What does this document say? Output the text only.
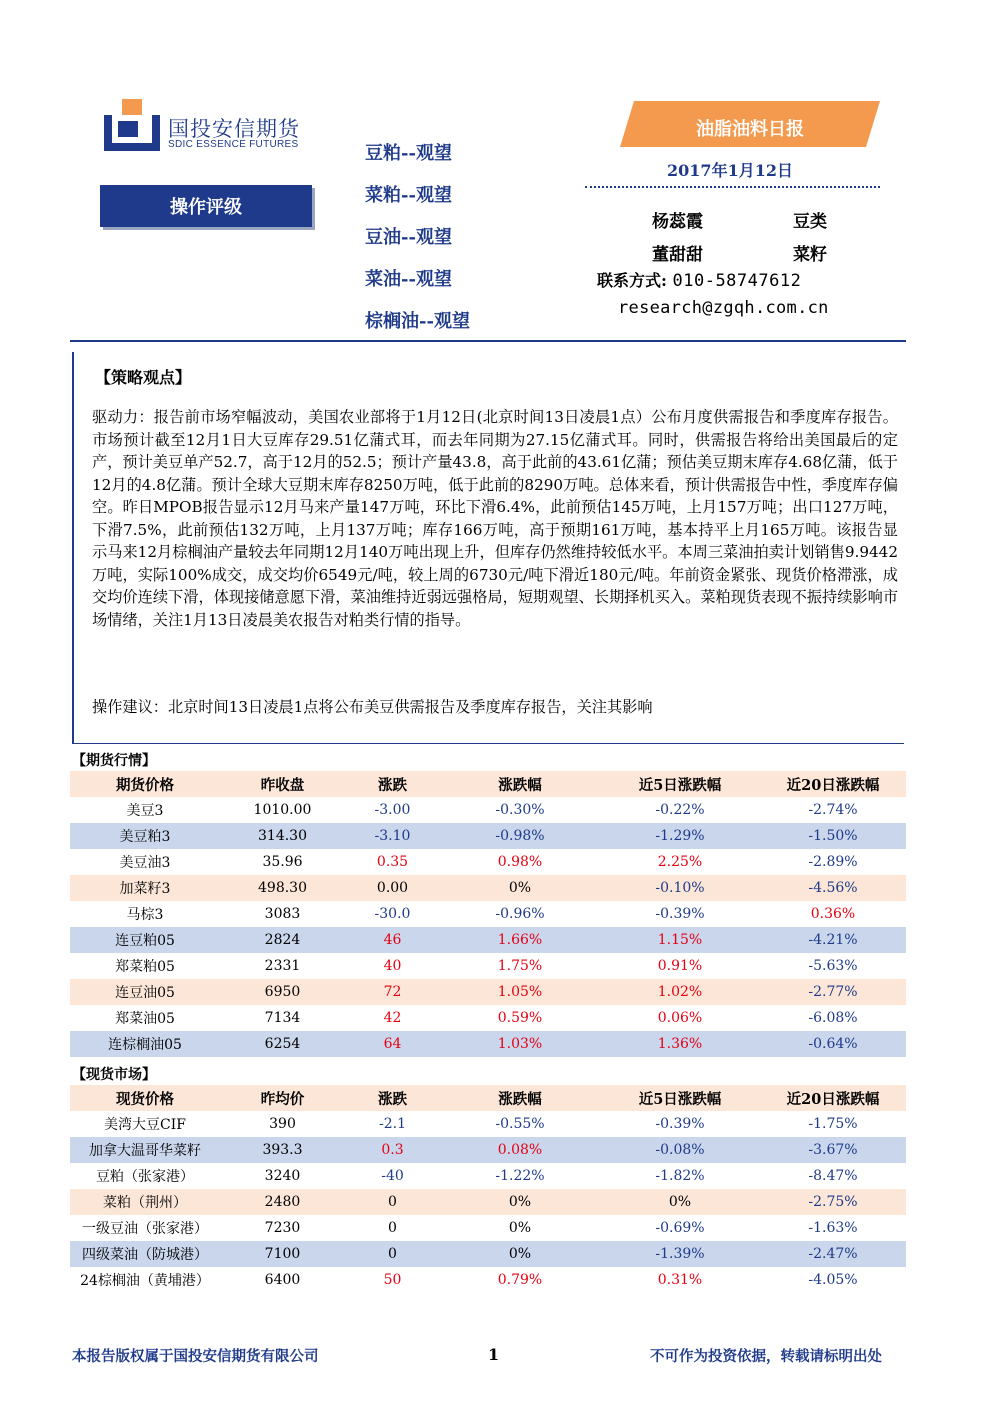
国投安信期货
SDIC ESSENCE FUTURES
操作评级
豆粕--观望
菜粕--观望
豆油--观望
菜油--观望
棕榈油--观望
油脂油料日报
2017年1月12日
杨蕊霞	豆类
董甜甜	菜籽
联系方式: 010-58747612
research@zgqh.com.cn
【策略观点】
驱动力：报告前市场窄幅波动，美国农业部将于1月12日(北京时间13日凌晨1点）公布月度供需报告和季度库存报告。市场预计截至12月1日大豆库存29.51亿蒲式耳，而去年同期为27.15亿蒲式耳。同时，供需报告将给出美国最后的定产，预计美豆单产52.7，高于12月的52.5；预计产量43.8，高于此前的43.61亿蒲；预估美豆期末库存4.68亿蒲，低于12月的4.8亿蒲。预计全球大豆期末库存8250万吨，低于此前的8290万吨。总体来看，预计供需报告中性，季度库存偏空。昨日MPOB报告显示12月马来产量147万吨，环比下滑6.4%，此前预估145万吨，上月157万吨；出口127万吨，下滑7.5%，此前预估132万吨，上月137万吨；库存166万吨，高于预期161万吨，基本持平上月165万吨。该报告显示马来12月棕榈油产量较去年同期12月140万吨出现上升，但库存仍然维持较低水平。本周三菜油拍卖计划销售9.9442万吨，实际100%成交，成交均价6549元/吨，较上周的6730元/吨下滑近180元/吨。年前资金紧张、现货价格滞涨，成交均价连续下滑，体现接储意愿下滑，菜油维持近弱远强格局，短期观望、长期择机买入。菜粕现货表现不振持续影响市场情绪，关注1月13日凌晨美农报告对粕类行情的指导。
操作建议：北京时间13日凌晨1点将公布美豆供需报告及季度库存报告，关注其影响
【期货行情】
期货价格	昨收盘	涨跌	涨跌幅	近5日涨跌幅	近20日涨跌幅
美豆3	1010.00	-3.00	-0.30%	-0.22%	-2.74%
美豆粕3	314.30	-3.10	-0.98%	-1.29%	-1.50%
美豆油3	35.96	0.35	0.98%	2.25%	-2.89%
加菜籽3	498.30	0.00	0%	-0.10%	-4.56%
马棕3	3083	-30.0	-0.96%	-0.39%	0.36%
连豆粕05	2824	46	1.66%	1.15%	-4.21%
郑菜粕05	2331	40	1.75%	0.91%	-5.63%
连豆油05	6950	72	1.05%	1.02%	-2.77%
郑菜油05	7134	42	0.59%	0.06%	-6.08%
连棕榈油05	6254	64	1.03%	1.36%	-0.64%
【现货市场】
现货价格	昨均价	涨跌	涨跌幅	近5日涨跌幅	近20日涨跌幅
美湾大豆CIF	390	-2.1	-0.55%	-0.39%	-1.75%
加拿大温哥华菜籽	393.3	0.3	0.08%	-0.08%	-3.67%
豆粕（张家港）	3240	-40	-1.22%	-1.82%	-8.47%
菜粕（荆州）	2480	0	0%	0%	-2.75%
一级豆油（张家港）	7230	0	0%	-0.69%	-1.63%
四级菜油（防城港）	7100	0	0%	-1.39%	-2.47%
24棕榈油（黄埔港）	6400	50	0.79%	0.31%	-4.05%
本报告版权属于国投安信期货有限公司	1	不可作为投资依据，转载请标明出处
